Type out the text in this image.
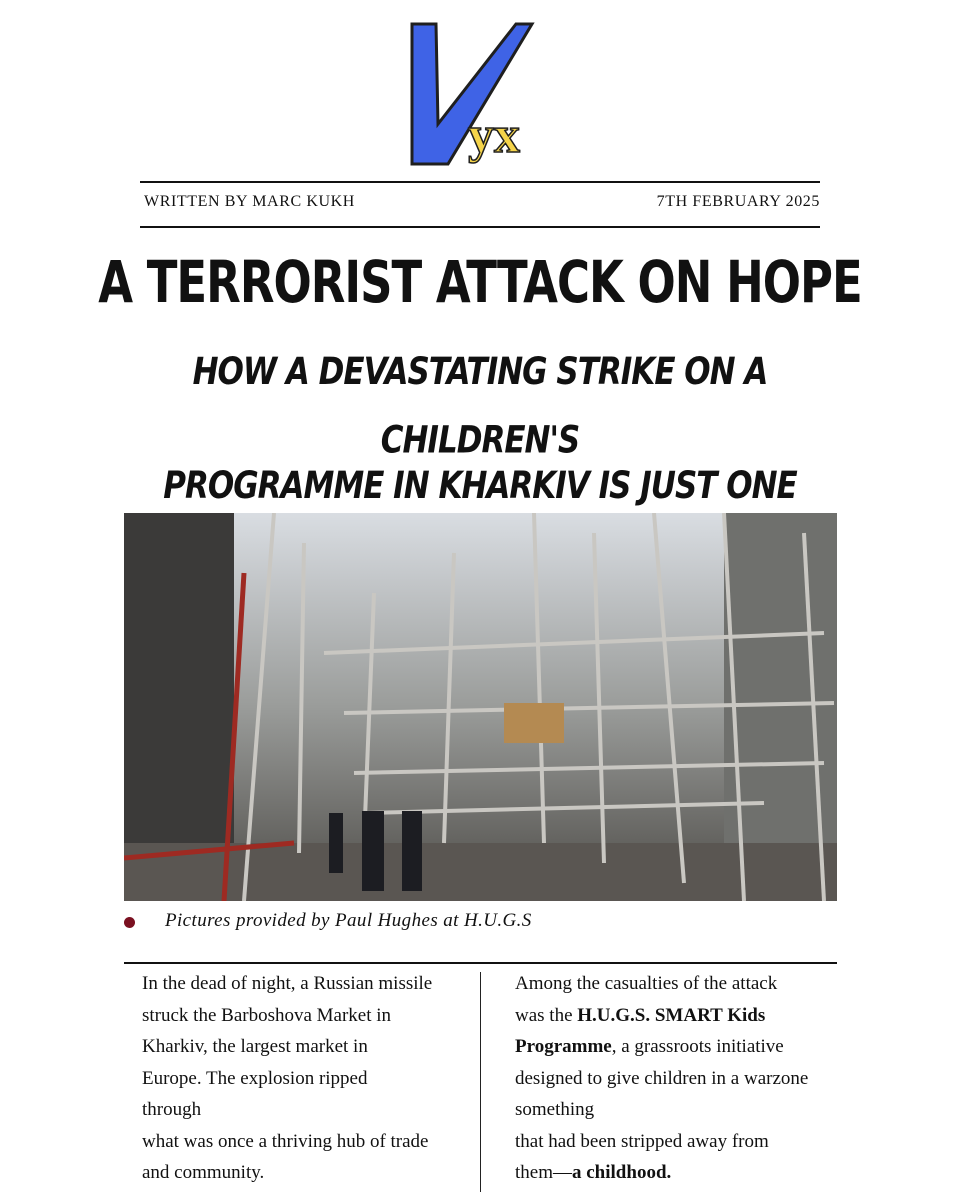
ух
WRITTEN BY MARC KUKH	7TH FEBRUARY 2025
A TERRORIST ATTACK ON HOPE
HOW A DEVASTATING STRIKE ON A CHILDREN'S
PROGRAMME IN KHARKIV IS JUST ONE
Pictures provided by Paul Hughes at H.U.G.S

In the dead of night, a Russian missile

struck the Barboshova Market in

Kharkiv, the largest market in

Europe. The explosion ripped

through

what was once a thriving hub of trade

and community.

Among the casualties of the attack

was the H.U.G.S. SMART Kids

Programme, a grassroots initiative

designed to give children in a warzone

something

that had been stripped away from

them—a childhood.
